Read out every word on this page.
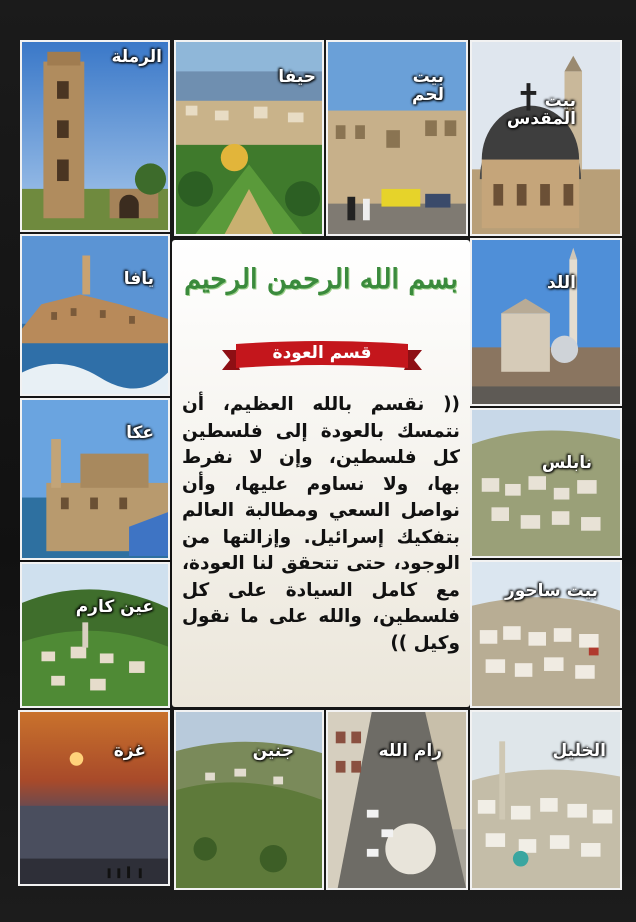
الرملة
حيفا	بيت
لحم	بيت
المقدس
يافا
عكا
عين كارم
اللد
نابلس
بيت ساحور
غزة	جنين	رام الله	الخليل
بسم الله الرحمن الرحيم
قسم العودة
(( نقسم بالله العظيم، أن نتمسك بالعودة إلى فلسطين كل فلسطين، وإن لا نفرط بها، ولا نساوم عليها، وأن نواصل السعي ومطالبة العالم بتفكيك إسرائيل. وإزالتها من الوجود، حتى تتحقق لنا العودة، مع كامل السيادة على كل فلسطين، والله على ما نقول وكيل ))
